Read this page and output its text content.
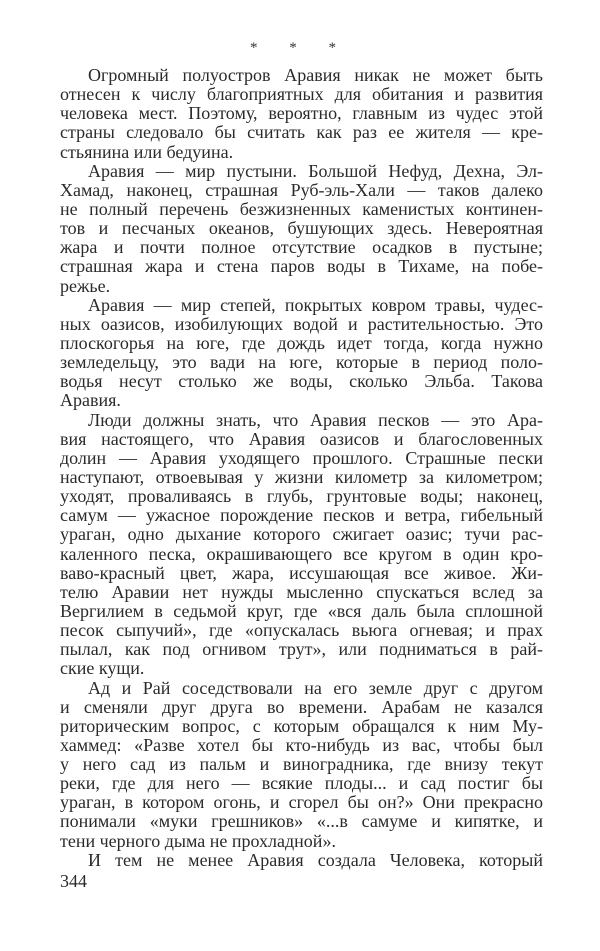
* * *
Огромный полуостров Аравия никак не может быть
отнесен к числу благоприятных для обитания и развития
человека мест. Поэтому, вероятно, главным из чудес этой
страны следовало бы считать как раз ее жителя — кре-
стьянина или бедуина.
Аравия — мир пустыни. Большой Нефуд, Дехна, Эл-
Хамад, наконец, страшная Руб-эль-Хали — таков далеко
не полный перечень безжизненных каменистых континен-
тов и песчаных океанов, бушующих здесь. Невероятная
жара и почти полное отсутствие осадков в пустыне;
страшная жара и стена паров воды в Тихаме, на побе-
режье.
Аравия — мир степей, покрытых ковром травы, чудес-
ных оазисов, изобилующих водой и растительностью. Это
плоскогорья на юге, где дождь идет тогда, когда нужно
земледельцу, это вади на юге, которые в период поло-
водья несут столько же воды, сколько Эльба. Такова
Аравия.
Люди должны знать, что Аравия песков — это Ара-
вия настоящего, что Аравия оазисов и благословенных
долин — Аравия уходящего прошлого. Страшные пески
наступают, отвоевывая у жизни километр за километром;
уходят, проваливаясь в глубь, грунтовые воды; наконец,
самум — ужасное порождение песков и ветра, гибельный
ураган, одно дыхание которого сжигает оазис; тучи рас-
каленного песка, окрашивающего все кругом в один кро-
ваво-красный цвет, жара, иссушающая все живое. Жи-
телю Аравии нет нужды мысленно спускаться вслед за
Вергилием в седьмой круг, где «вся даль была сплошной
песок сыпучий», где «опускалась вьюга огневая; и прах
пылал, как под огнивом трут», или подниматься в рай-
ские кущи.
Ад и Рай соседствовали на его земле друг с другом
и сменяли друг друга во времени. Арабам не казался
риторическим вопрос, с которым обращался к ним Му-
хаммед: «Разве хотел бы кто-нибудь из вас, чтобы был
у него сад из пальм и виноградника, где внизу текут
реки, где для него — всякие плоды... и сад постиг бы
ураган, в котором огонь, и сгорел бы он?» Они прекрасно
понимали «муки грешников» «...в самуме и кипятке, и
тени черного дыма не прохладной».
И тем не менее Аравия создала Человека, который
344
